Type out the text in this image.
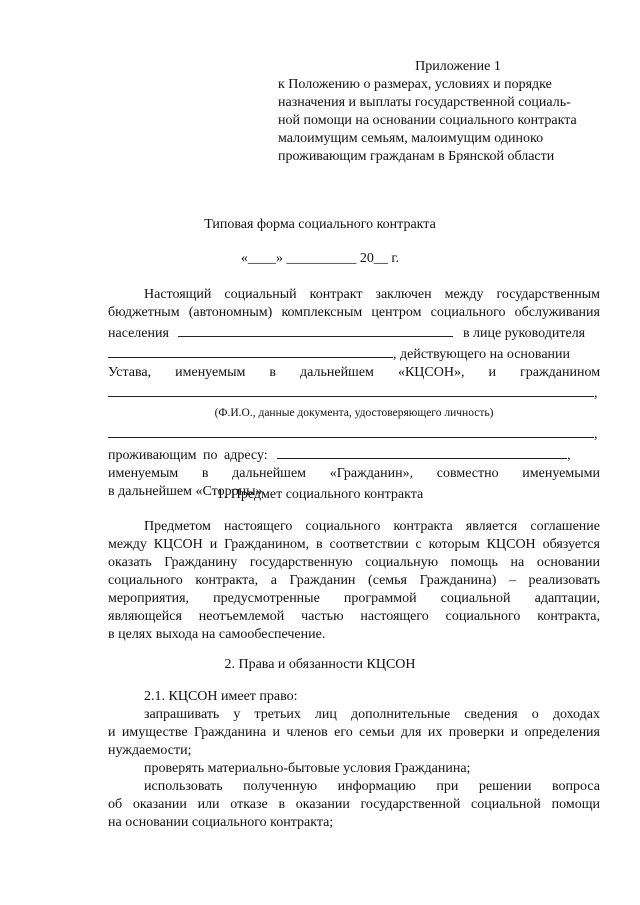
Приложение 1
к Положению о размерах, условиях и порядке
назначения и выплаты государственной социаль-
ной помощи на основании социального контракта
малоимущим семьям, малоимущим одиноко
проживающим гражданам в Брянской области
Типовая форма социального контракта
«____» __________ 20__ г.
Настоящий социальный контракт заключен между государственным
бюджетным (автономным) комплексным центром социального обслуживания
населения	в лице руководителя
, действующего на основании
Устава, именуемым в дальнейшем «КЦСОН», и гражданином
,
(Ф.И.О., данные документа, удостоверяющего личность)
,
проживающим по адресу:	,
именуемым в дальнейшем «Гражданин», совместно именуемыми
в дальнейшем «Стороны».
1. Предмет социального контракта
Предметом настоящего социального контракта является соглашение
между КЦСОН и Гражданином, в соответствии с которым КЦСОН обязуется
оказать Гражданину государственную социальную помощь на основании
социального контракта, а Гражданин (семья Гражданина) – реализовать
мероприятия, предусмотренные программой социальной адаптации,
являющейся неотъемлемой частью настоящего социального контракта,
в целях выхода на самообеспечение.
2. Права и обязанности КЦСОН
2.1. КЦСОН имеет право:
запрашивать у третьих лиц дополнительные сведения о доходах
и имуществе Гражданина и членов его семьи для их проверки и определения
нуждаемости;
проверять материально-бытовые условия Гражданина;
использовать полученную информацию при решении вопроса
об оказании или отказе в оказании государственной социальной помощи
на основании социального контракта;
